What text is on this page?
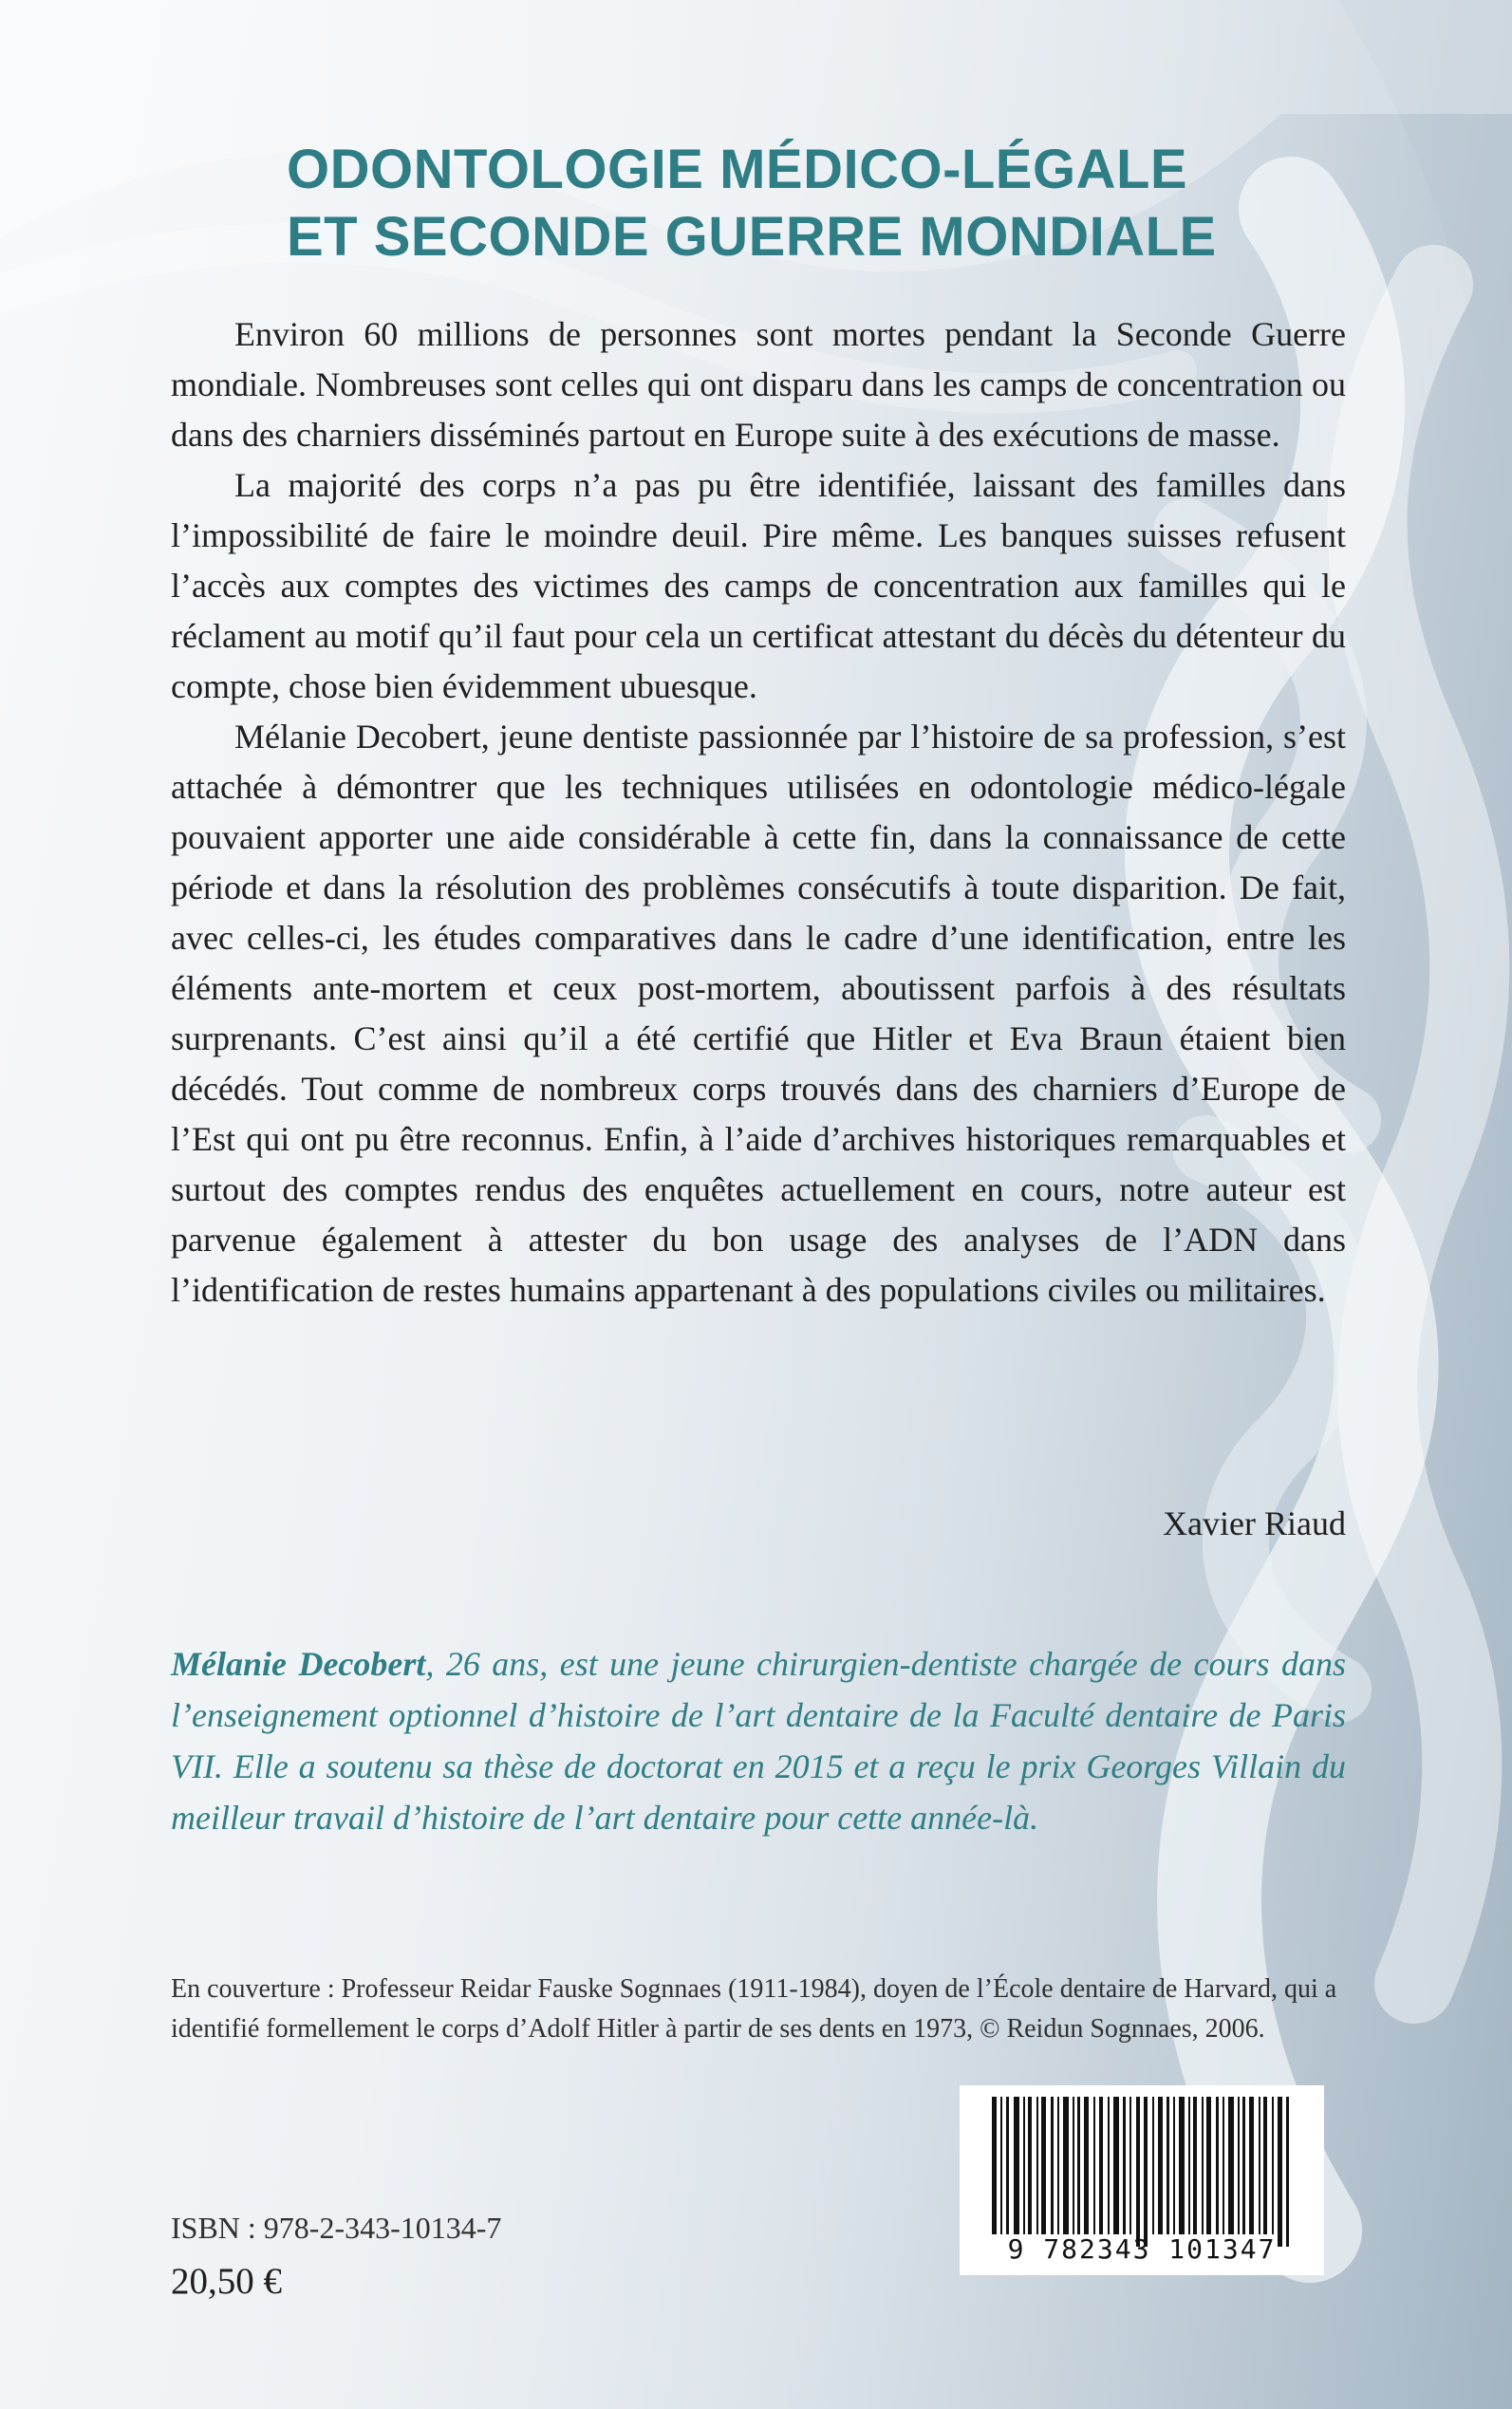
ODONTOLOGIE MÉDICO-LÉGALE
ET SECONDE GUERRE MONDIALE

Environ 60 millions de personnes sont mortes pendant la Seconde Guerre mondiale. Nombreuses sont celles qui ont disparu dans les camps de concentration ou dans des charniers disséminés partout en Europe suite à des exécutions de masse.

La majorité des corps n’a pas pu être identifiée, laissant des familles dans l’impossibilité de faire le moindre deuil. Pire même. Les banques suisses refusent l’accès aux comptes des victimes des camps de concentration aux familles qui le réclament au motif qu’il faut pour cela un certificat attestant du décès du détenteur du compte, chose bien évidemment ubuesque.

Mélanie Decobert, jeune dentiste passionnée par l’histoire de sa profession, s’est attachée à démontrer que les techniques utilisées en odontologie médico-légale pouvaient apporter une aide considérable à cette fin, dans la connaissance de cette période et dans la résolution des problèmes consécutifs à toute disparition. De fait, avec celles-ci, les études comparatives dans le cadre d’une identification, entre les éléments ante-mortem et ceux post-mortem, aboutissent parfois à des résultats surprenants. C’est ainsi qu’il a été certifié que Hitler et Eva Braun étaient bien décédés. Tout comme de nombreux corps trouvés dans des charniers d’Europe de l’Est qui ont pu être reconnus. Enfin, à l’aide d’archives historiques remarquables et surtout des comptes rendus des enquêtes actuellement en cours, notre auteur est parvenue également à attester du bon usage des analyses de l’ADN dans l’identification de restes humains appartenant à des populations civiles ou militaires.

Xavier Riaud
Mélanie Decobert, 26 ans, est une jeune chirurgien-dentiste chargée de cours dans l’enseignement optionnel d’histoire de l’art dentaire de la Faculté dentaire de Paris VII. Elle a soutenu sa thèse de doctorat en 2015 et a reçu le prix Georges Villain du meilleur travail d’histoire de l’art dentaire pour cette année-là.
En couverture : Professeur Reidar Fauske Sognnaes (1911-1984), doyen de l’École dentaire de Harvard, qui a identifié formellement le corps d’Adolf Hitler à partir de ses dents en 1973, © Reidun Sognnaes, 2006.
ISBN : 978-2-343-10134-7
20,50 €
9 782343 101347
